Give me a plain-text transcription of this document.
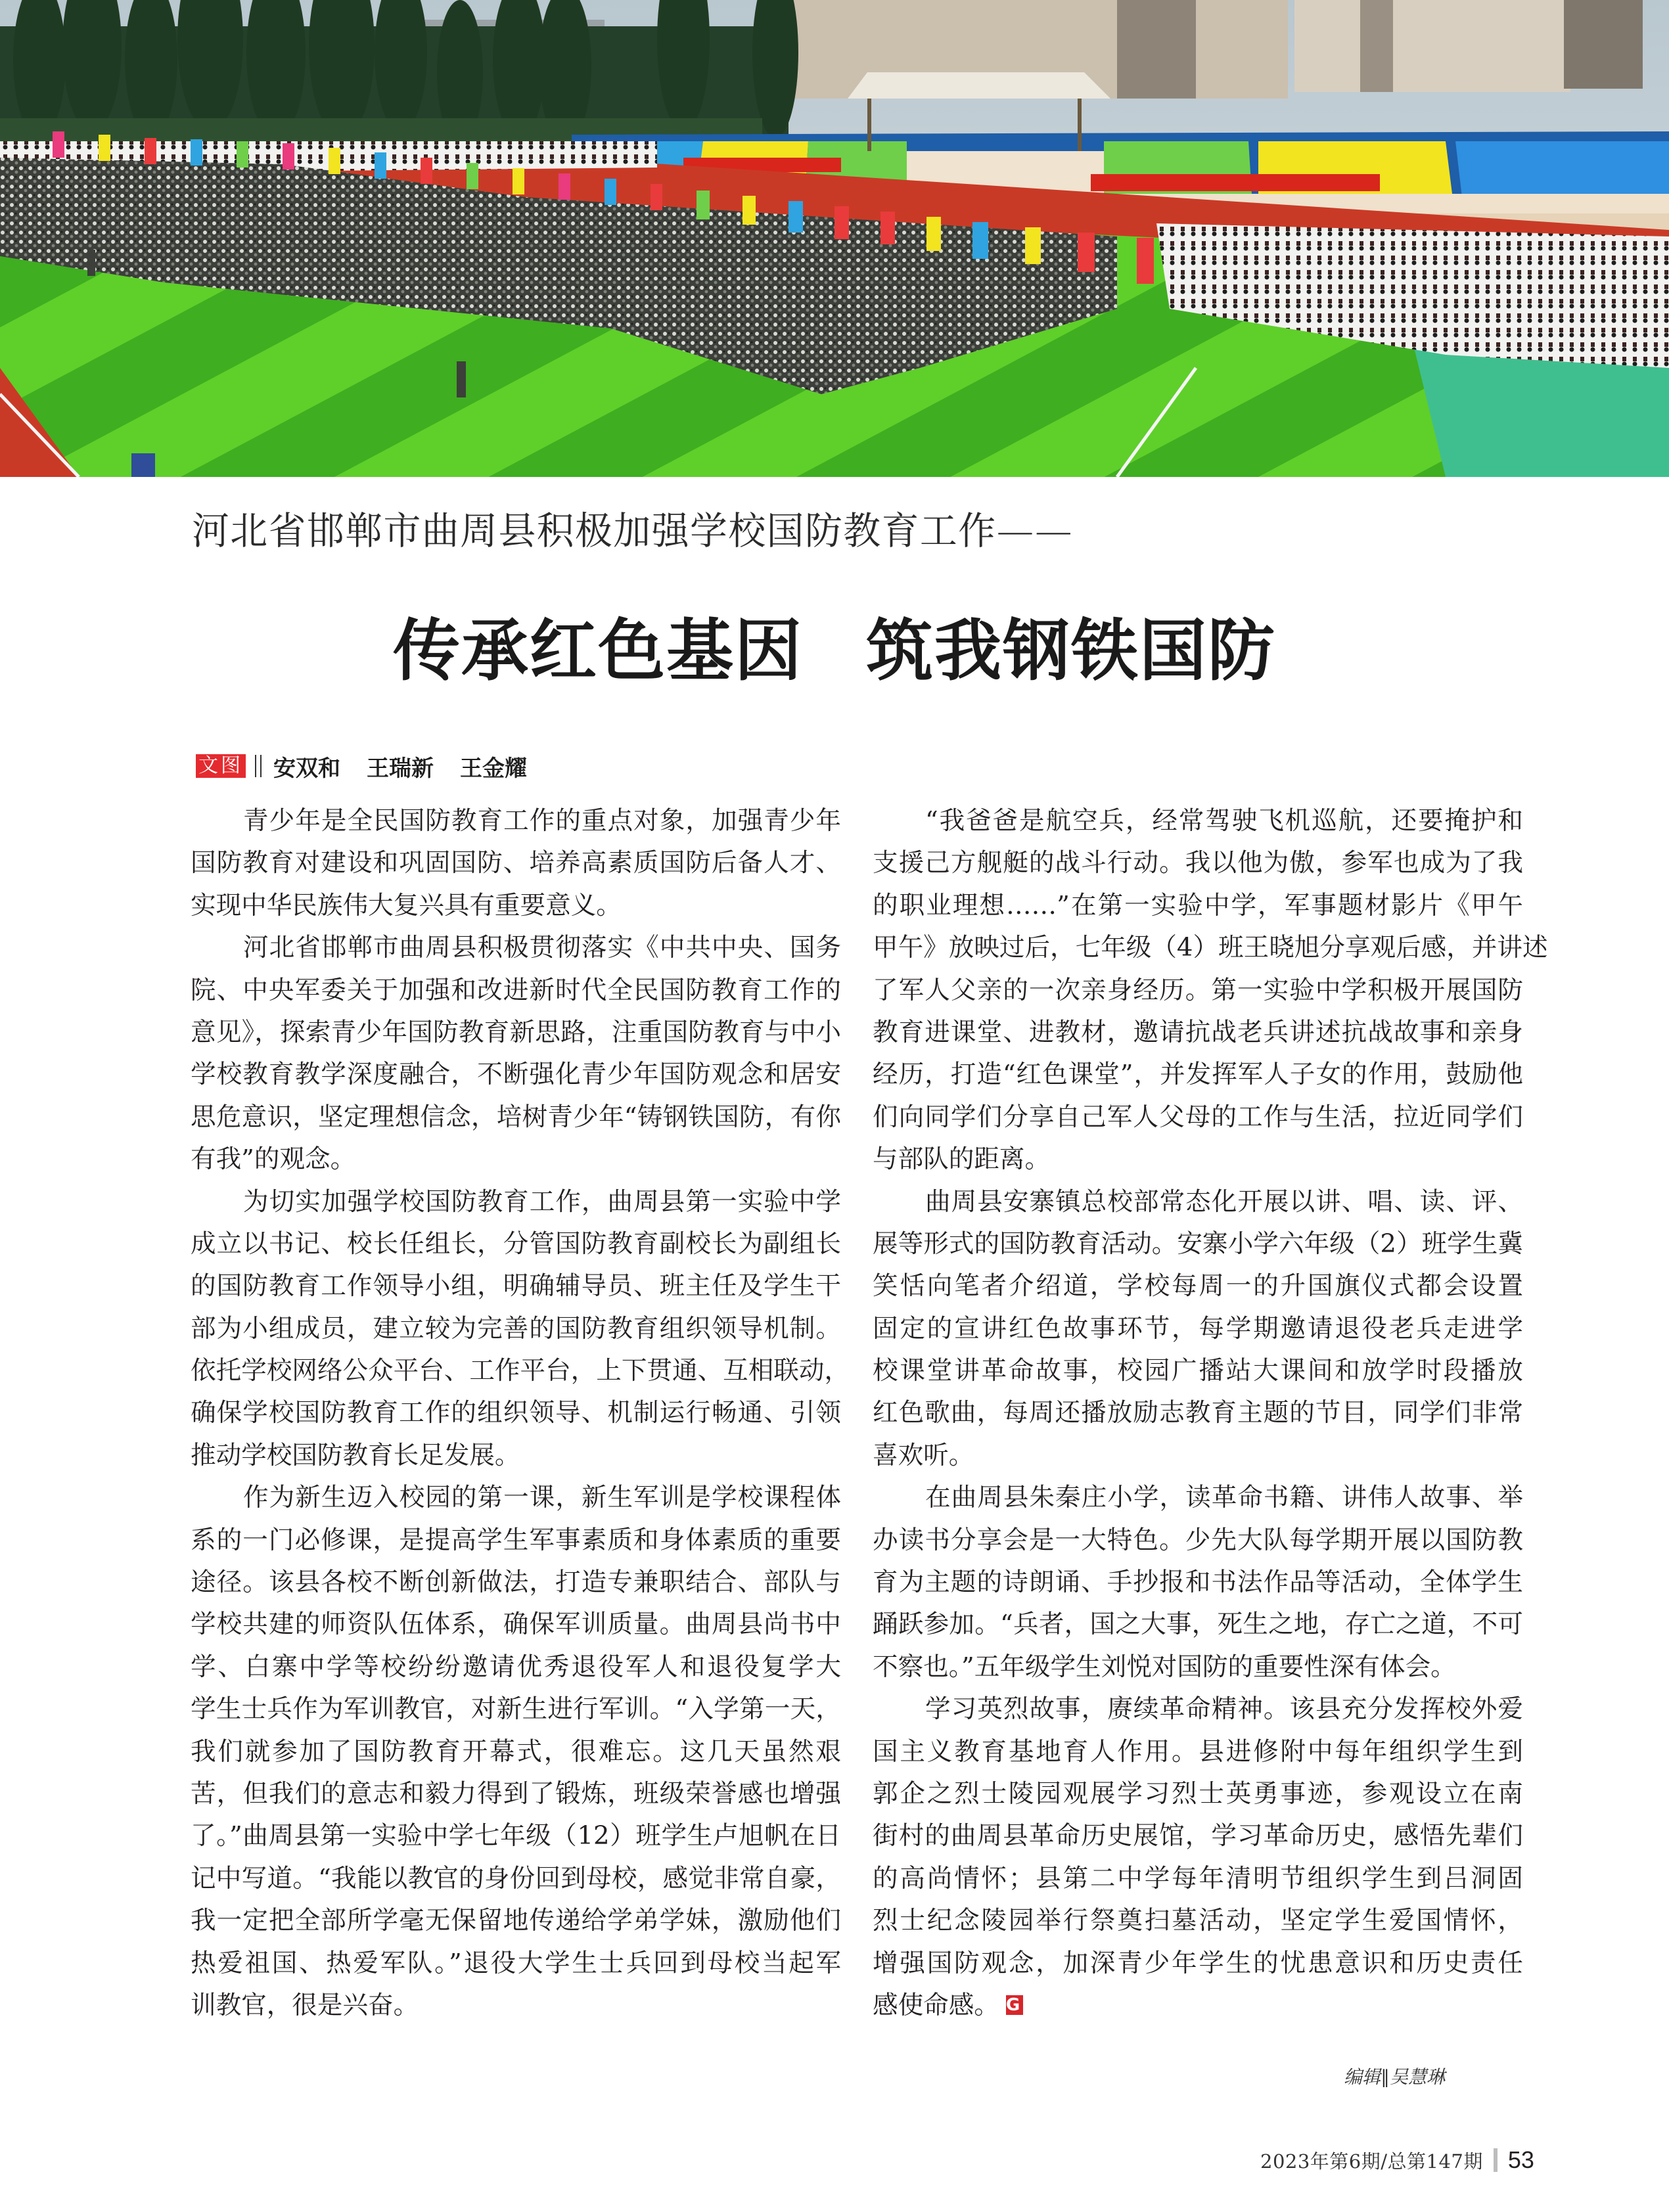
河北省邯郸市曲周县积极加强学校国防教育工作——
传承红色基因 筑我钢铁国防
文图 安双和 王瑞新 王金耀
青少年是全民国防教育工作的重点对象，加强青少年
国防教育对建设和巩固国防、培养高素质国防后备人才、
实现中华民族伟大复兴具有重要意义。
河北省邯郸市曲周县积极贯彻落实《中共中央、国务
院、中央军委关于加强和改进新时代全民国防教育工作的
意见》，探索青少年国防教育新思路，注重国防教育与中小
学校教育教学深度融合，不断强化青少年国防观念和居安
思危意识，坚定理想信念，培树青少年“铸钢铁国防，有你
有我”的观念。
为切实加强学校国防教育工作，曲周县第一实验中学
成立以书记、校长任组长，分管国防教育副校长为副组长
的国防教育工作领导小组，明确辅导员、班主任及学生干
部为小组成员，建立较为完善的国防教育组织领导机制。
依托学校网络公众平台、工作平台，上下贯通、互相联动，
确保学校国防教育工作的组织领导、机制运行畅通、引领
推动学校国防教育长足发展。
作为新生迈入校园的第一课，新生军训是学校课程体
系的一门必修课，是提高学生军事素质和身体素质的重要
途径。该县各校不断创新做法，打造专兼职结合、部队与
学校共建的师资队伍体系，确保军训质量。曲周县尚书中
学、白寨中学等校纷纷邀请优秀退役军人和退役复学大
学生士兵作为军训教官，对新生进行军训。“入学第一天，
我们就参加了国防教育开幕式，很难忘。这几天虽然艰
苦，但我们的意志和毅力得到了锻炼，班级荣誉感也增强
了。”曲周县第一实验中学七年级（12）班学生卢旭帆在日
记中写道。“我能以教官的身份回到母校，感觉非常自豪，
我一定把全部所学毫无保留地传递给学弟学妹，激励他们
热爱祖国、热爱军队。”退役大学生士兵回到母校当起军
训教官，很是兴奋。
“我爸爸是航空兵，经常驾驶飞机巡航，还要掩护和
支援己方舰艇的战斗行动。我以他为傲，参军也成为了我
的职业理想……”在第一实验中学，军事题材影片《甲午
甲午》放映过后，七年级（4）班王晓旭分享观后感，并讲述
了军人父亲的一次亲身经历。第一实验中学积极开展国防
教育进课堂、进教材，邀请抗战老兵讲述抗战故事和亲身
经历，打造“红色课堂”，并发挥军人子女的作用，鼓励他
们向同学们分享自己军人父母的工作与生活，拉近同学们
与部队的距离。
曲周县安寨镇总校部常态化开展以讲、唱、读、评、
展等形式的国防教育活动。安寨小学六年级（2）班学生冀
笑恬向笔者介绍道，学校每周一的升国旗仪式都会设置
固定的宣讲红色故事环节，每学期邀请退役老兵走进学
校课堂讲革命故事，校园广播站大课间和放学时段播放
红色歌曲，每周还播放励志教育主题的节目，同学们非常
喜欢听。
在曲周县朱秦庄小学，读革命书籍、讲伟人故事、举
办读书分享会是一大特色。少先大队每学期开展以国防教
育为主题的诗朗诵、手抄报和书法作品等活动，全体学生
踊跃参加。“兵者，国之大事，死生之地，存亡之道，不可
不察也。”五年级学生刘悦对国防的重要性深有体会。
学习英烈故事，赓续革命精神。该县充分发挥校外爱
国主义教育基地育人作用。县进修附中每年组织学生到
郭企之烈士陵园观展学习烈士英勇事迹，参观设立在南
街村的曲周县革命历史展馆，学习革命历史，感悟先辈们
的高尚情怀；县第二中学每年清明节组织学生到吕洞固
烈士纪念陵园举行祭奠扫墓活动，坚定学生爱国情怀，
增强国防观念，加深青少年学生的忧患意识和历史责任
感使命感。 G
编辑∥吴慧琳
2023年第6期/总第147期 53
